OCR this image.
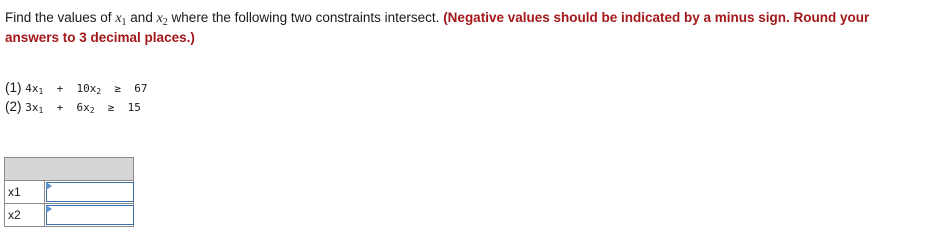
Find the values of $x_1$ and $x_2$ where the following two constraints intersect. (Negative values should be indicated by a minus sign. Round your answers to 3 decimal places.)
(1) $4x_1 + 10x_2 \ge 67$
(2) $3x_1 + 6x_2 \ge 15$

x1	

x2	
